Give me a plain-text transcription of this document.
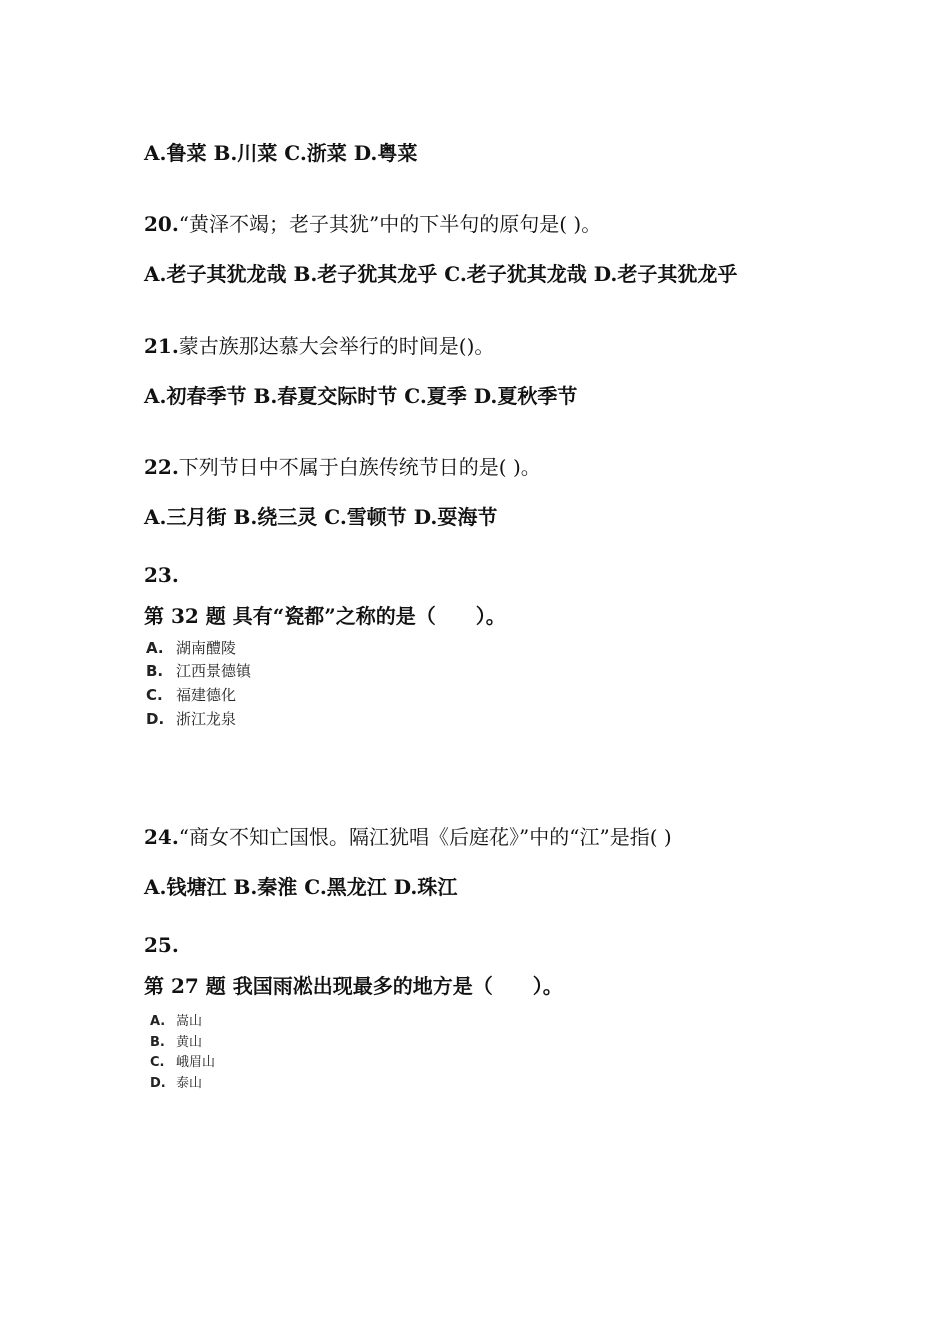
A.鲁菜 B.川菜 C.浙菜 D.粤菜
20.“黄泽不竭；老子其犹”中的下半句的原句是( )。
A.老子其犹龙哉 B.老子犹其龙乎 C.老子犹其龙哉 D.老子其犹龙乎
21.蒙古族那达慕大会举行的时间是()。
A.初春季节 B.春夏交际时节 C.夏季 D.夏秋季节
22.下列节日中不属于白族传统节日的是( )。
A.三月街 B.绕三灵 C.雪顿节 D.耍海节
23.
第 32 题 具有“瓷都”之称的是（　　）。
A. 湖南醴陵
B. 江西景德镇
C. 福建德化
D. 浙江龙泉
24.“商女不知亡国恨。隔江犹唱《后庭花》”中的“江”是指( )
A.钱塘江 B.秦淮 C.黑龙江 D.珠江
25.
第 27 题 我国雨凇出现最多的地方是（　　）。
A. 嵩山
B. 黄山
C. 峨眉山
D. 泰山
